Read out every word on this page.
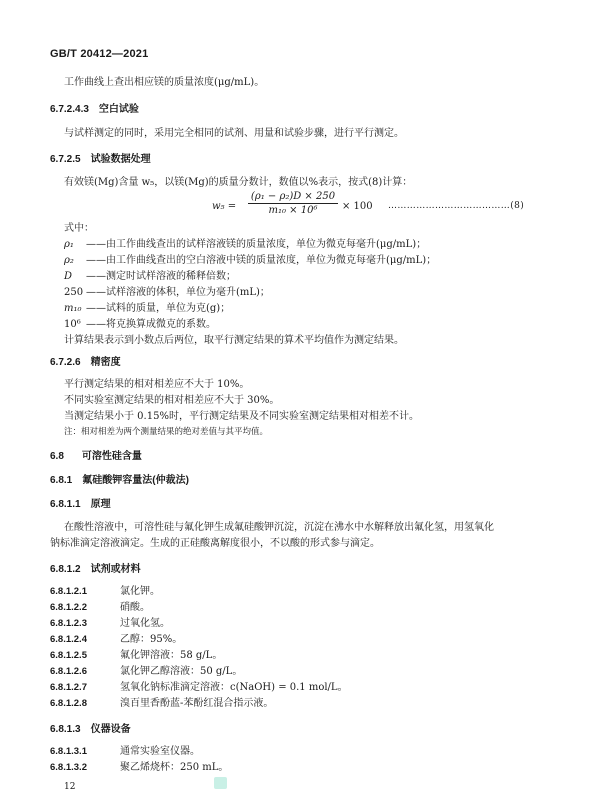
GB/T 20412—2021
工作曲线上查出相应镁的质量浓度(μg/mL)。
6.7.2.4.3 空白试验
与试样测定的同时，采用完全相同的试剂、用量和试验步骤，进行平行测定。
6.7.2.5 试验数据处理
有效镁(Mg)含量 w₅，以镁(Mg)的质量分数计，数值以%表示，按式(8)计算：
$w_5 = \frac{\text{(ρ₁ − ρ₂)D × 250}}{\text{m₁₀ × 10⁶}} \times 100$ …………………………………(8)
式中：
ρ₁ ——由工作曲线查出的试样溶液镁的质量浓度，单位为微克每毫升(μg/mL)；
ρ₂ ——由工作曲线查出的空白溶液中镁的质量浓度，单位为微克每毫升(μg/mL)；
D ——测定时试样溶液的稀释倍数；
250 ——试样溶液的体积，单位为毫升(mL)；
m₁₀ ——试料的质量，单位为克(g)；
10⁶ ——将克换算成微克的系数。
计算结果表示到小数点后两位，取平行测定结果的算术平均值作为测定结果。
6.7.2.6 精密度
平行测定结果的相对相差应不大于 10%。
不同实验室测定结果的相对相差应不大于 30%。
当测定结果小于 0.15%时，平行测定结果及不同实验室测定结果相对相差不计。
注：相对相差为两个测量结果的绝对差值与其平均值。
6.8 可溶性硅含量
6.8.1 氟硅酸钾容量法(仲裁法)
6.8.1.1 原理
在酸性溶液中，可溶性硅与氟化钾生成氟硅酸钾沉淀，沉淀在沸水中水解释放出氟化氢，用氢氧化
钠标准滴定溶液滴定。生成的正硅酸离解度很小，不以酸的形式参与滴定。
6.8.1.2 试剂或材料
6.8.1.2.1	氯化钾。
6.8.1.2.2	硝酸。
6.8.1.2.3	过氧化氢。
6.8.1.2.4	乙醇：95%。
6.8.1.2.5	氟化钾溶液：58 g/L。
6.8.1.2.6	氯化钾乙醇溶液：50 g/L。
6.8.1.2.7	氢氧化钠标准滴定溶液：c(NaOH) = 0.1 mol/L。
6.8.1.2.8	溴百里香酚蓝-苯酚红混合指示液。
6.8.1.3 仪器设备
6.8.1.3.1	通常实验室仪器。
6.8.1.3.2	聚乙烯烧杯：250 mL。
12
